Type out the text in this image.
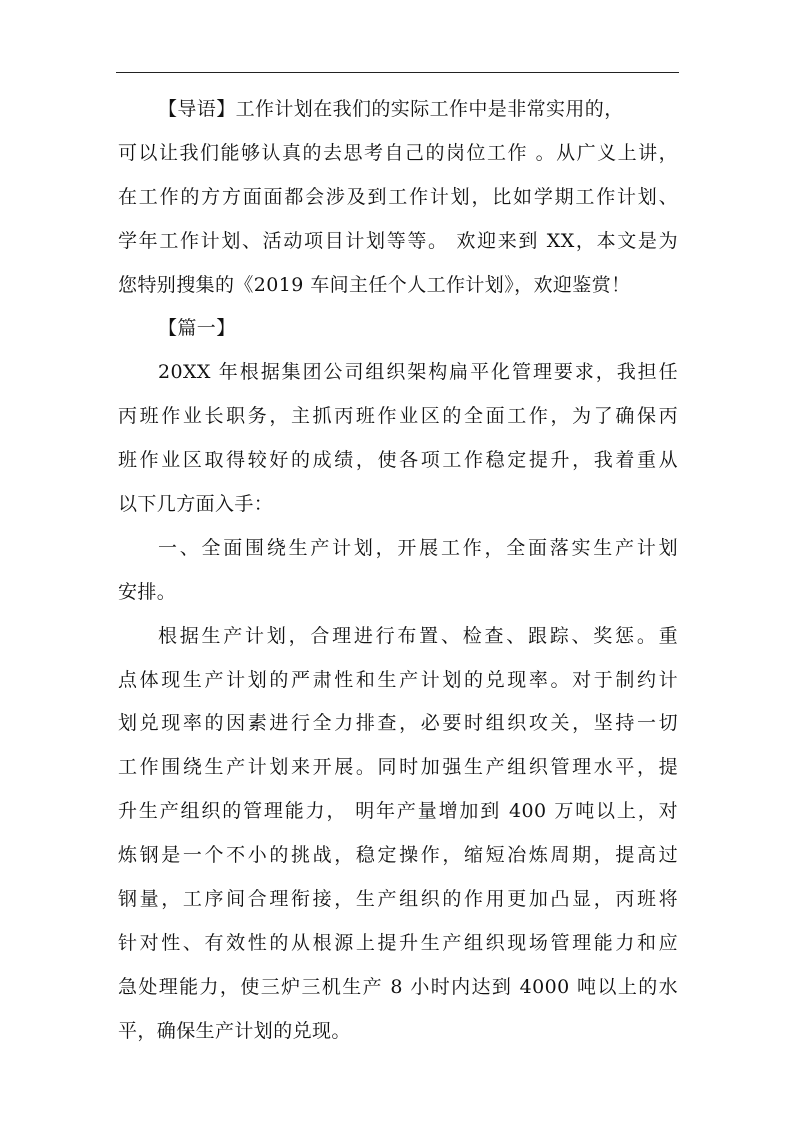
【导语】工作计划在我们的实际工作中是非常实用的，
可以让我们能够认真的去思考自己的岗位工作 。从广义上讲，
在工作的方方面面都会涉及到工作计划，比如学期工作计划、
学年工作计划、活动项目计划等等。 欢迎来到 XX，本文是为
您特别搜集的《2019 车间主任个人工作计划》，欢迎鉴赏！
【篇一】
20XX 年根据集团公司组织架构扁平化管理要求，我担任
丙班作业长职务，主抓丙班作业区的全面工作，为了确保丙
班作业区取得较好的成绩，使各项工作稳定提升，我着重从
以下几方面入手：
一、全面围绕生产计划，开展工作，全面落实生产计划
安排。
根据生产计划，合理进行布置、检查、跟踪、奖惩。重
点体现生产计划的严肃性和生产计划的兑现率。对于制约计
划兑现率的因素进行全力排查，必要时组织攻关，坚持一切
工作围绕生产计划来开展。同时加强生产组织管理水平，提
升生产组织的管理能力， 明年产量增加到 400 万吨以上，对
炼钢是一个不小的挑战，稳定操作，缩短冶炼周期，提高过
钢量，工序间合理衔接，生产组织的作用更加凸显，丙班将
针对性、有效性的从根源上提升生产组织现场管理能力和应
急处理能力，使三炉三机生产 8 小时内达到 4000 吨以上的水
平，确保生产计划的兑现。
